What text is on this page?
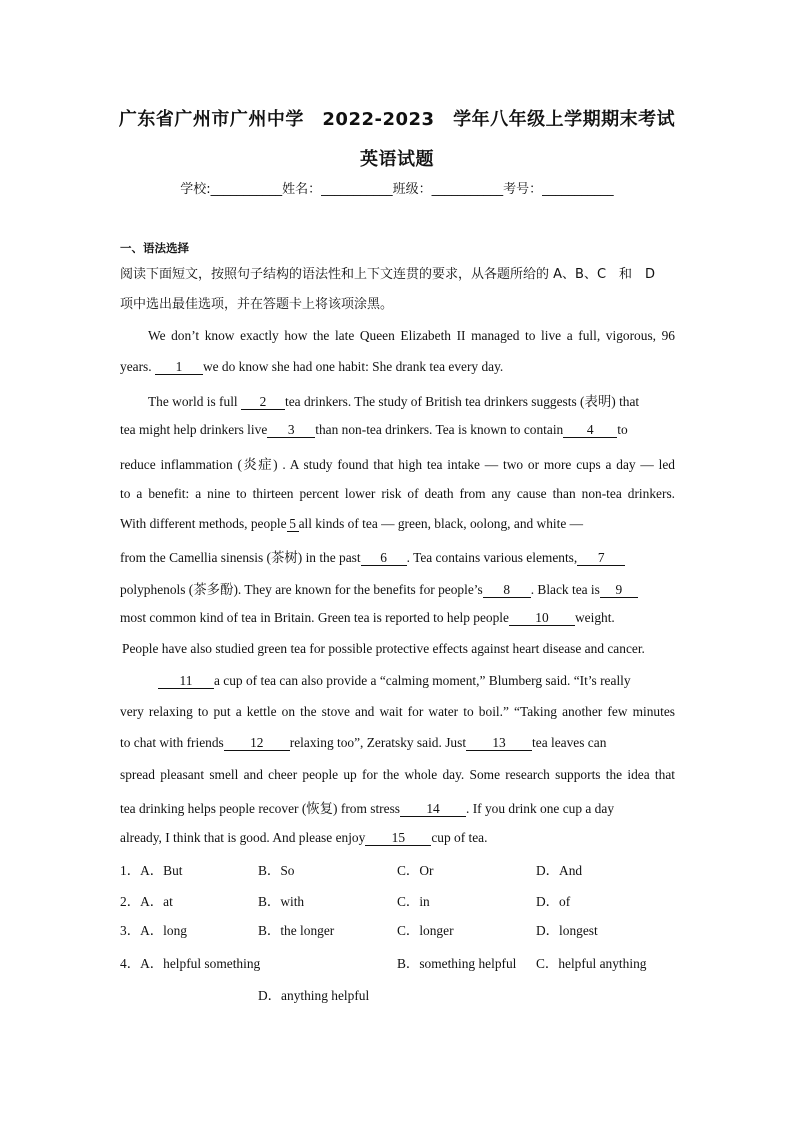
广东省广州市广州中学　2022-2023　学年八年级上学期期末考试
英语试题
学校:___________姓名：___________班级：___________考号：___________
一、语法选择
阅读下面短文，按照句子结构的语法性和上下文连贯的要求，从各题所给的 A、B、C　和　D
项中选出最佳选项，并在答题卡上将该项涂黑。
We don’t know exactly how the late Queen Elizabeth II managed to live a full, vigorous, 96
years. 1 we do know she had one habit: She drank tea every day.
The world is full 2 tea drinkers. The study of British tea drinkers suggests (表明) that
tea might help drinkers live 3 than non-tea drinkers. Tea is known to contain 4 to
reduce inflammation (炎症) . A study found that high tea intake — two or more cups a day — led
to a benefit: a nine to thirteen percent lower risk of death from any cause than non-tea drinkers.
With different methods, people 5 all kinds of tea — green, black, oolong, and white —
from the Camellia sinensis (茶树) in the past 6 . Tea contains various elements, 7
polyphenols (茶多酚). They are known for the benefits for people’s 8 . Black tea is 9
most common kind of tea in Britain. Green tea is reported to help people 10 weight.
People have also studied green tea for possible protective effects against heart disease and cancer.
11 a cup of tea can also provide a “calming moment,” Blumberg said. “It’s really
very relaxing to put a kettle on the stove and wait for water to boil.” “Taking another few minutes
to chat with friends 12 relaxing too”, Zeratsky said. Just 13 tea leaves can
spread pleasant smell and cheer people up for the whole day. Some research supports the idea that
tea drinking helps people recover (恢复) from stress 14 . If you drink one cup a day
already, I think that is good. And please enjoy 15 cup of tea.
1．A．But	B．So	C．Or	D．And
2．A．at	B．with	C．in	D．of
3．A．long	B．the longer	C．longer	D．longest
4．A．helpful something	B．something helpful C．helpful anything
D．anything helpful
